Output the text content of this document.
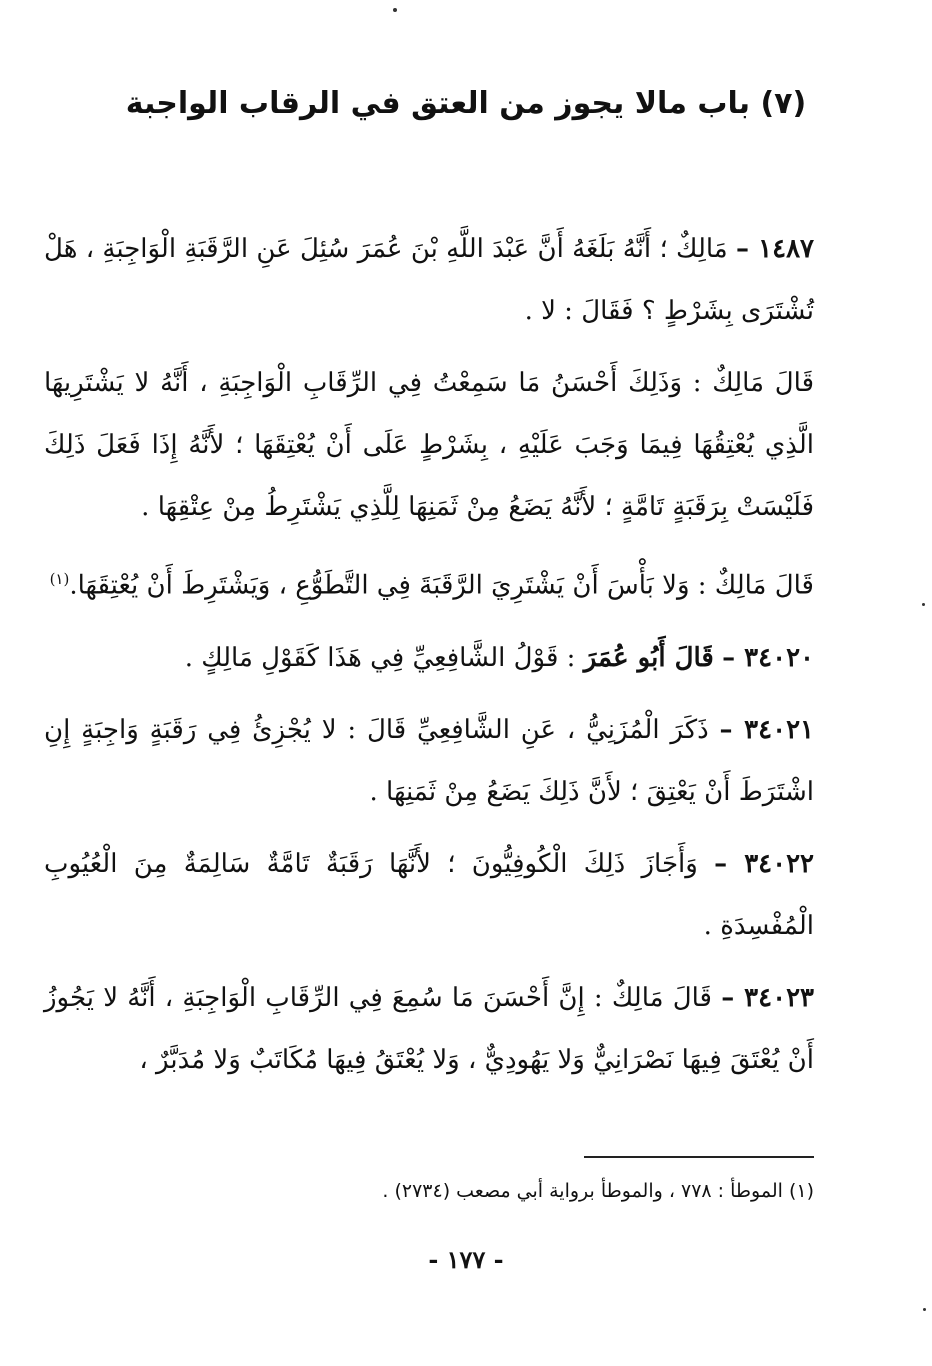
(٧) باب مالا يجوز من العتق في الرقاب الواجبة

١٤٨٧ – مَالِكٌ ؛ أَنَّهُ بَلَغَهُ أَنَّ عَبْدَ اللَّهِ بْنَ عُمَرَ سُئِلَ عَنِ الرَّقَبَةِ الْوَاجِبَةِ ، هَلْ تُشْتَرَى بِشَرْطٍ ؟ فَقَالَ : لا .

قَالَ مَالِكٌ : وَذَلِكَ أَحْسَنُ مَا سَمِعْتُ فِي الرِّقَابِ الْوَاجِبَةِ ، أَنَّهُ لا يَشْتَرِيهَا الَّذِي يُعْتِقُهَا فِيمَا وَجَبَ عَلَيْهِ ، بِشَرْطٍ عَلَى أَنْ يُعْتِقَهَا ؛ لأَنَّهُ إِذَا فَعَلَ ذَلِكَ فَلَيْسَتْ بِرَقَبَةٍ تَامَّةٍ ؛ لأَنَّهُ يَضَعُ مِنْ ثَمَنِهَا لِلَّذِي يَشْتَرِطُ مِنْ عِتْقِهَا .

قَالَ مَالِكٌ : وَلا بَأْسَ أَنْ يَشْتَرِيَ الرَّقَبَةَ فِي التَّطَوُّعِ ، وَيَشْتَرِطَ أَنْ يُعْتِقَهَا.$^{(١)}$

٣٤٠٢٠ – قَالَ أَبُو عُمَرَ : قَوْلُ الشَّافِعِيِّ فِي هَذَا كَقَوْلِ مَالِكٍ .

٣٤٠٢١ – ذَكَرَ الْمُزَنِيُّ ، عَنِ الشَّافِعِيِّ قَالَ : لا يُجْزِئُ فِي رَقَبَةٍ وَاجِبَةٍ إِنِ اشْتَرَطَ أَنْ يَعْتِقَ ؛ لأَنَّ ذَلِكَ يَضَعُ مِنْ ثَمَنِهَا .

٣٤٠٢٢ – وَأَجَازَ ذَلِكَ الْكُوفِيُّونَ ؛ لأَنَّهَا رَقَبَةٌ تَامَّةٌ سَالِمَةٌ مِنَ الْعُيُوبِ الْمُفْسِدَةِ .

٣٤٠٢٣ – قَالَ مَالِكٌ : إِنَّ أَحْسَنَ مَا سُمِعَ فِي الرِّقَابِ الْوَاجِبَةِ ، أَنَّهُ لا يَجُوزُ أَنْ يُعْتَقَ فِيهَا نَصْرَانِيٌّ وَلا يَهُودِيٌّ ، وَلا يُعْتَقُ فِيهَا مُكَاتَبٌ وَلا مُدَبَّرٌ ،

(١) الموطأ : ٧٧٨ ، والموطأ برواية أبي مصعب (٢٧٣٤) .
- ١٧٧ -
